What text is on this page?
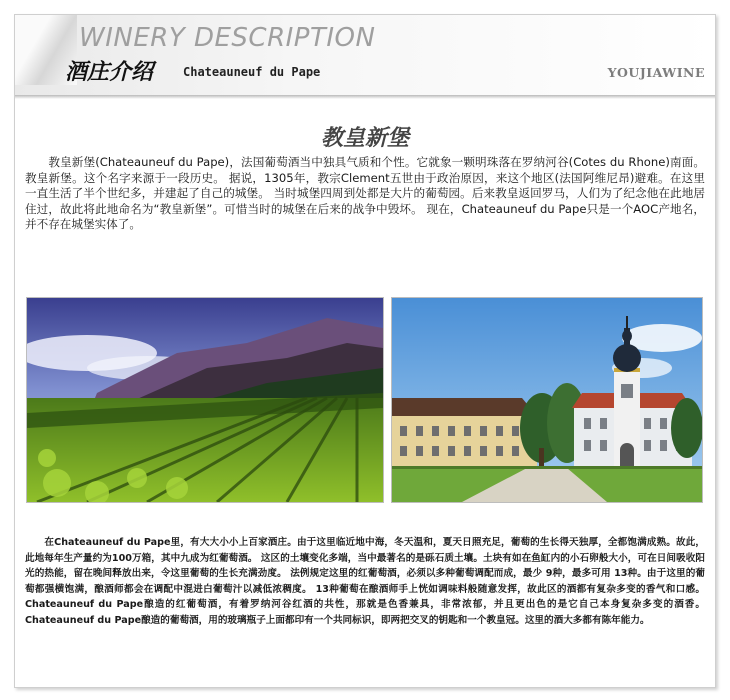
WINERY DESCRIPTION
酒庄介绍 Chateauneuf du Pape	YOUJIAWINE
教皇新堡

　　教皇新堡(Chateauneuf du Pape)，法国葡萄酒当中独具气质和个性。它就象一颗明珠落在罗纳河谷(Cotes du Rhone)南面。教皇新堡。这个名字来源于一段历史。 据说，1305年，教宗Clement五世由于政治原因，来这个地区(法国阿维尼昂)避难。在这里一直生活了半个世纪多，并建起了自己的城堡。 当时城堡四周到处都是大片的葡萄园。后来教皇返回罗马，人们为了纪念他在此地居住过，故此将此地命名为“教皇新堡”。可惜当时的城堡在后来的战争中毁坏。 现在，Chateauneuf du Pape只是一个AOC产地名，并不存在城堡实体了。

　　在Chateauneuf du Pape里，有大大小小上百家酒庄。由于这里临近地中海，冬天温和，夏天日照充足，葡萄的生长得天独厚，全都饱满成熟。故此，此地每年生产量约为100万箱，其中九成为红葡萄酒。 这区的土壤变化多端，当中最著名的是砾石质土壤。土块有如在鱼缸内的小石卵般大小，可在日间吸收阳光的热能，留在晚间释放出来，令这里葡萄的生长充满劲度。 法例规定这里的红葡萄酒，必须以多种葡萄调配而成，最少 9种，最多可用 13种。由于这里的葡萄都强横饱满，酿酒师都会在调配中混进白葡萄汁以减低浓稠度。 13种葡萄在酿酒师手上恍如调味料般随意发挥，故此区的酒都有复杂多变的香气和口感。Chateauneuf du Pape酿造的红葡萄酒，有着罗纳河谷红酒的共性，那就是色香兼具，非常浓郁，并且更出色的是它自己本身复杂多变的酒香。Chateauneuf du Pape酿造的葡萄酒，用的玻璃瓶子上面都印有一个共同标识，即两把交叉的钥匙和一个教皇冠。这里的酒大多都有陈年能力。
